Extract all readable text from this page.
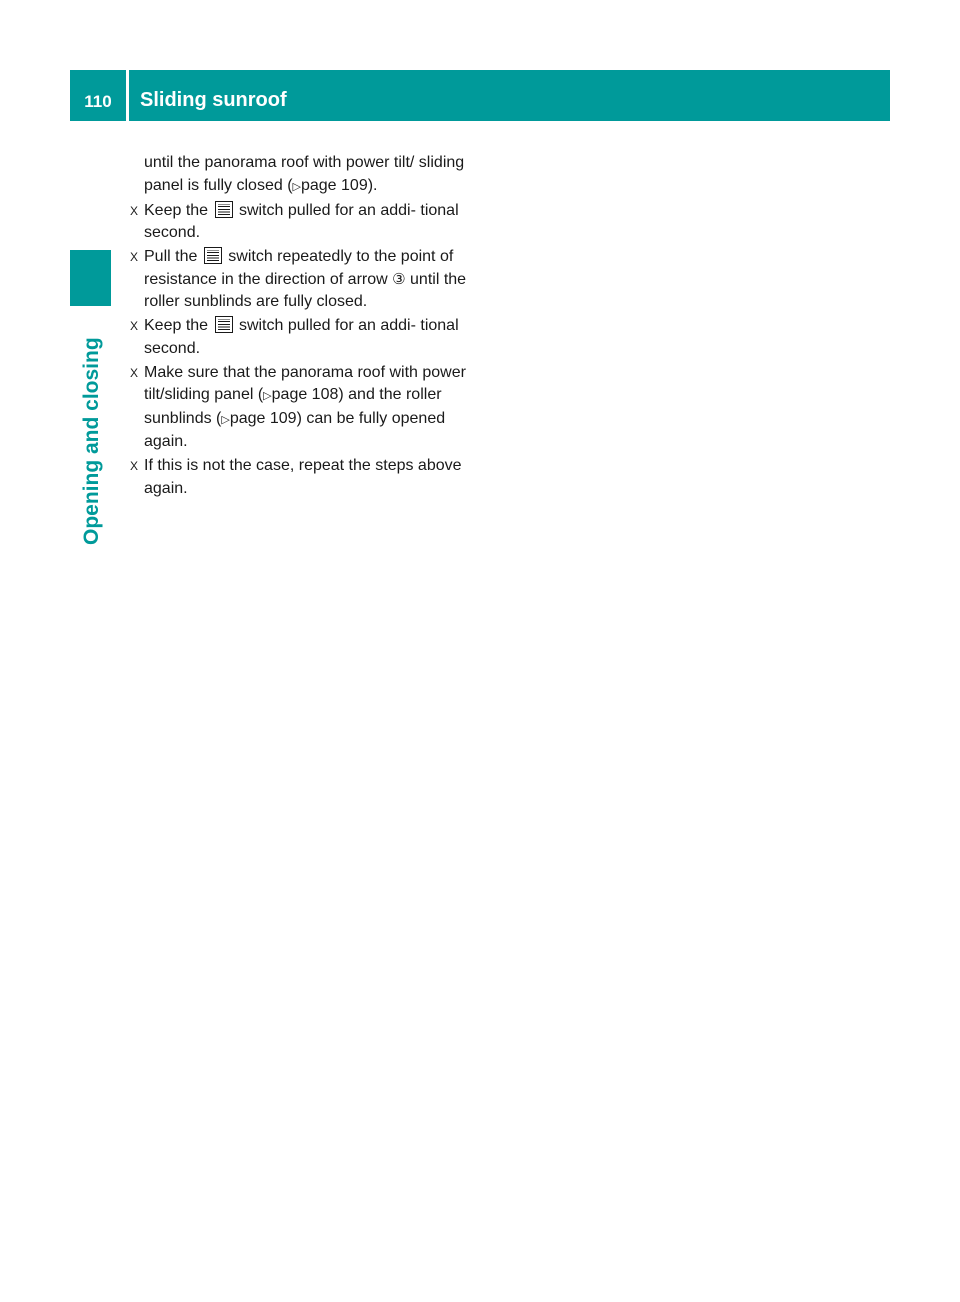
110	Sliding sunroof
Opening and closing

until the panorama roof with power tilt/ sliding panel is fully closed (▷page 109).

X Keep the  switch pulled for an addi- tional second.
X Pull the  switch repeatedly to the point of resistance in the direction of arrow ③ until the roller sunblinds are fully closed.
X Keep the  switch pulled for an addi- tional second.
X Make sure that the panorama roof with power tilt/sliding panel (▷page 108) and the roller sunblinds (▷page 109) can be fully opened again.
X If this is not the case, repeat the steps above again.
